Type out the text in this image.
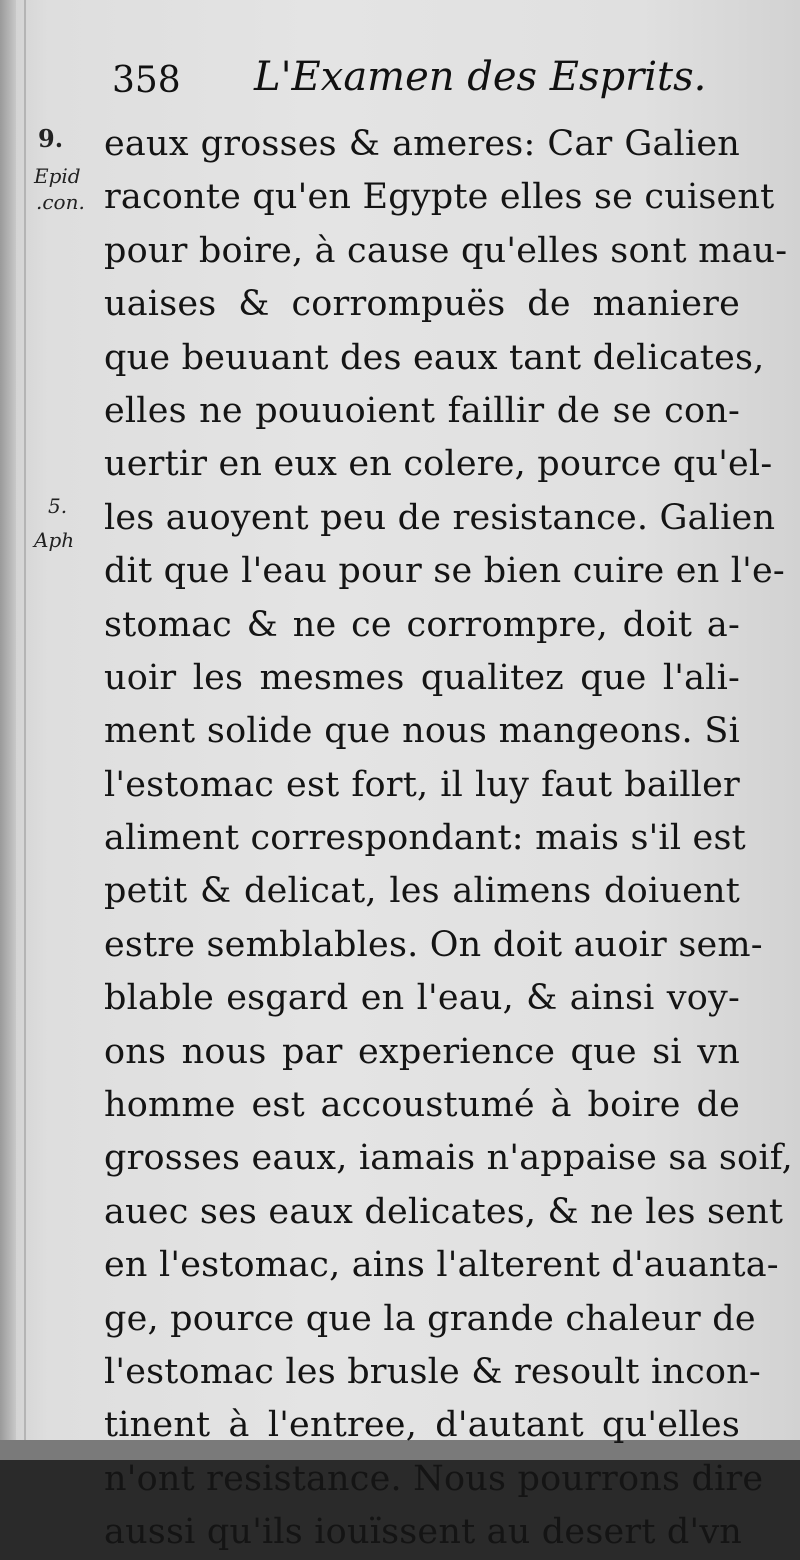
358 L'Examen des Esprits.
9.
Epid
.con.
5.
Aph
eaux grosses & ameres: Car Galien
raconte qu'en Egypte elles se cuisent
pour boire, à cause qu'elles sont mau-
uaises & corrompuës de maniere
que beuuant des eaux tant delicates,
elles ne pouuoient faillir de se con-
uertir en eux en colere, pource qu'el-
les auoyent peu de resistance. Galien
dit que l'eau pour se bien cuire en l'e-
stomac & ne ce corrompre, doit a-
uoir les mesmes qualitez que l'ali-
ment solide que nous mangeons. Si
l'estomac est fort, il luy faut bailler
aliment correspondant: mais s'il est
petit & delicat, les alimens doiuent
estre semblables. On doit auoir sem-
blable esgard en l'eau, & ainsi voy-
ons nous par experience que si vn
homme est accoustumé à boire de
grosses eaux, iamais n'appaise sa soif,
auec ses eaux delicates, & ne les sent
en l'estomac, ains l'alterent d'auanta-
ge, pource que la grande chaleur de
l'estomac les brusle & resoult incon-
tinent à l'entree, d'autant qu'elles
n'ont resistance. Nous pourrons dire
aussi qu'ils iouïssent au desert d'vn
